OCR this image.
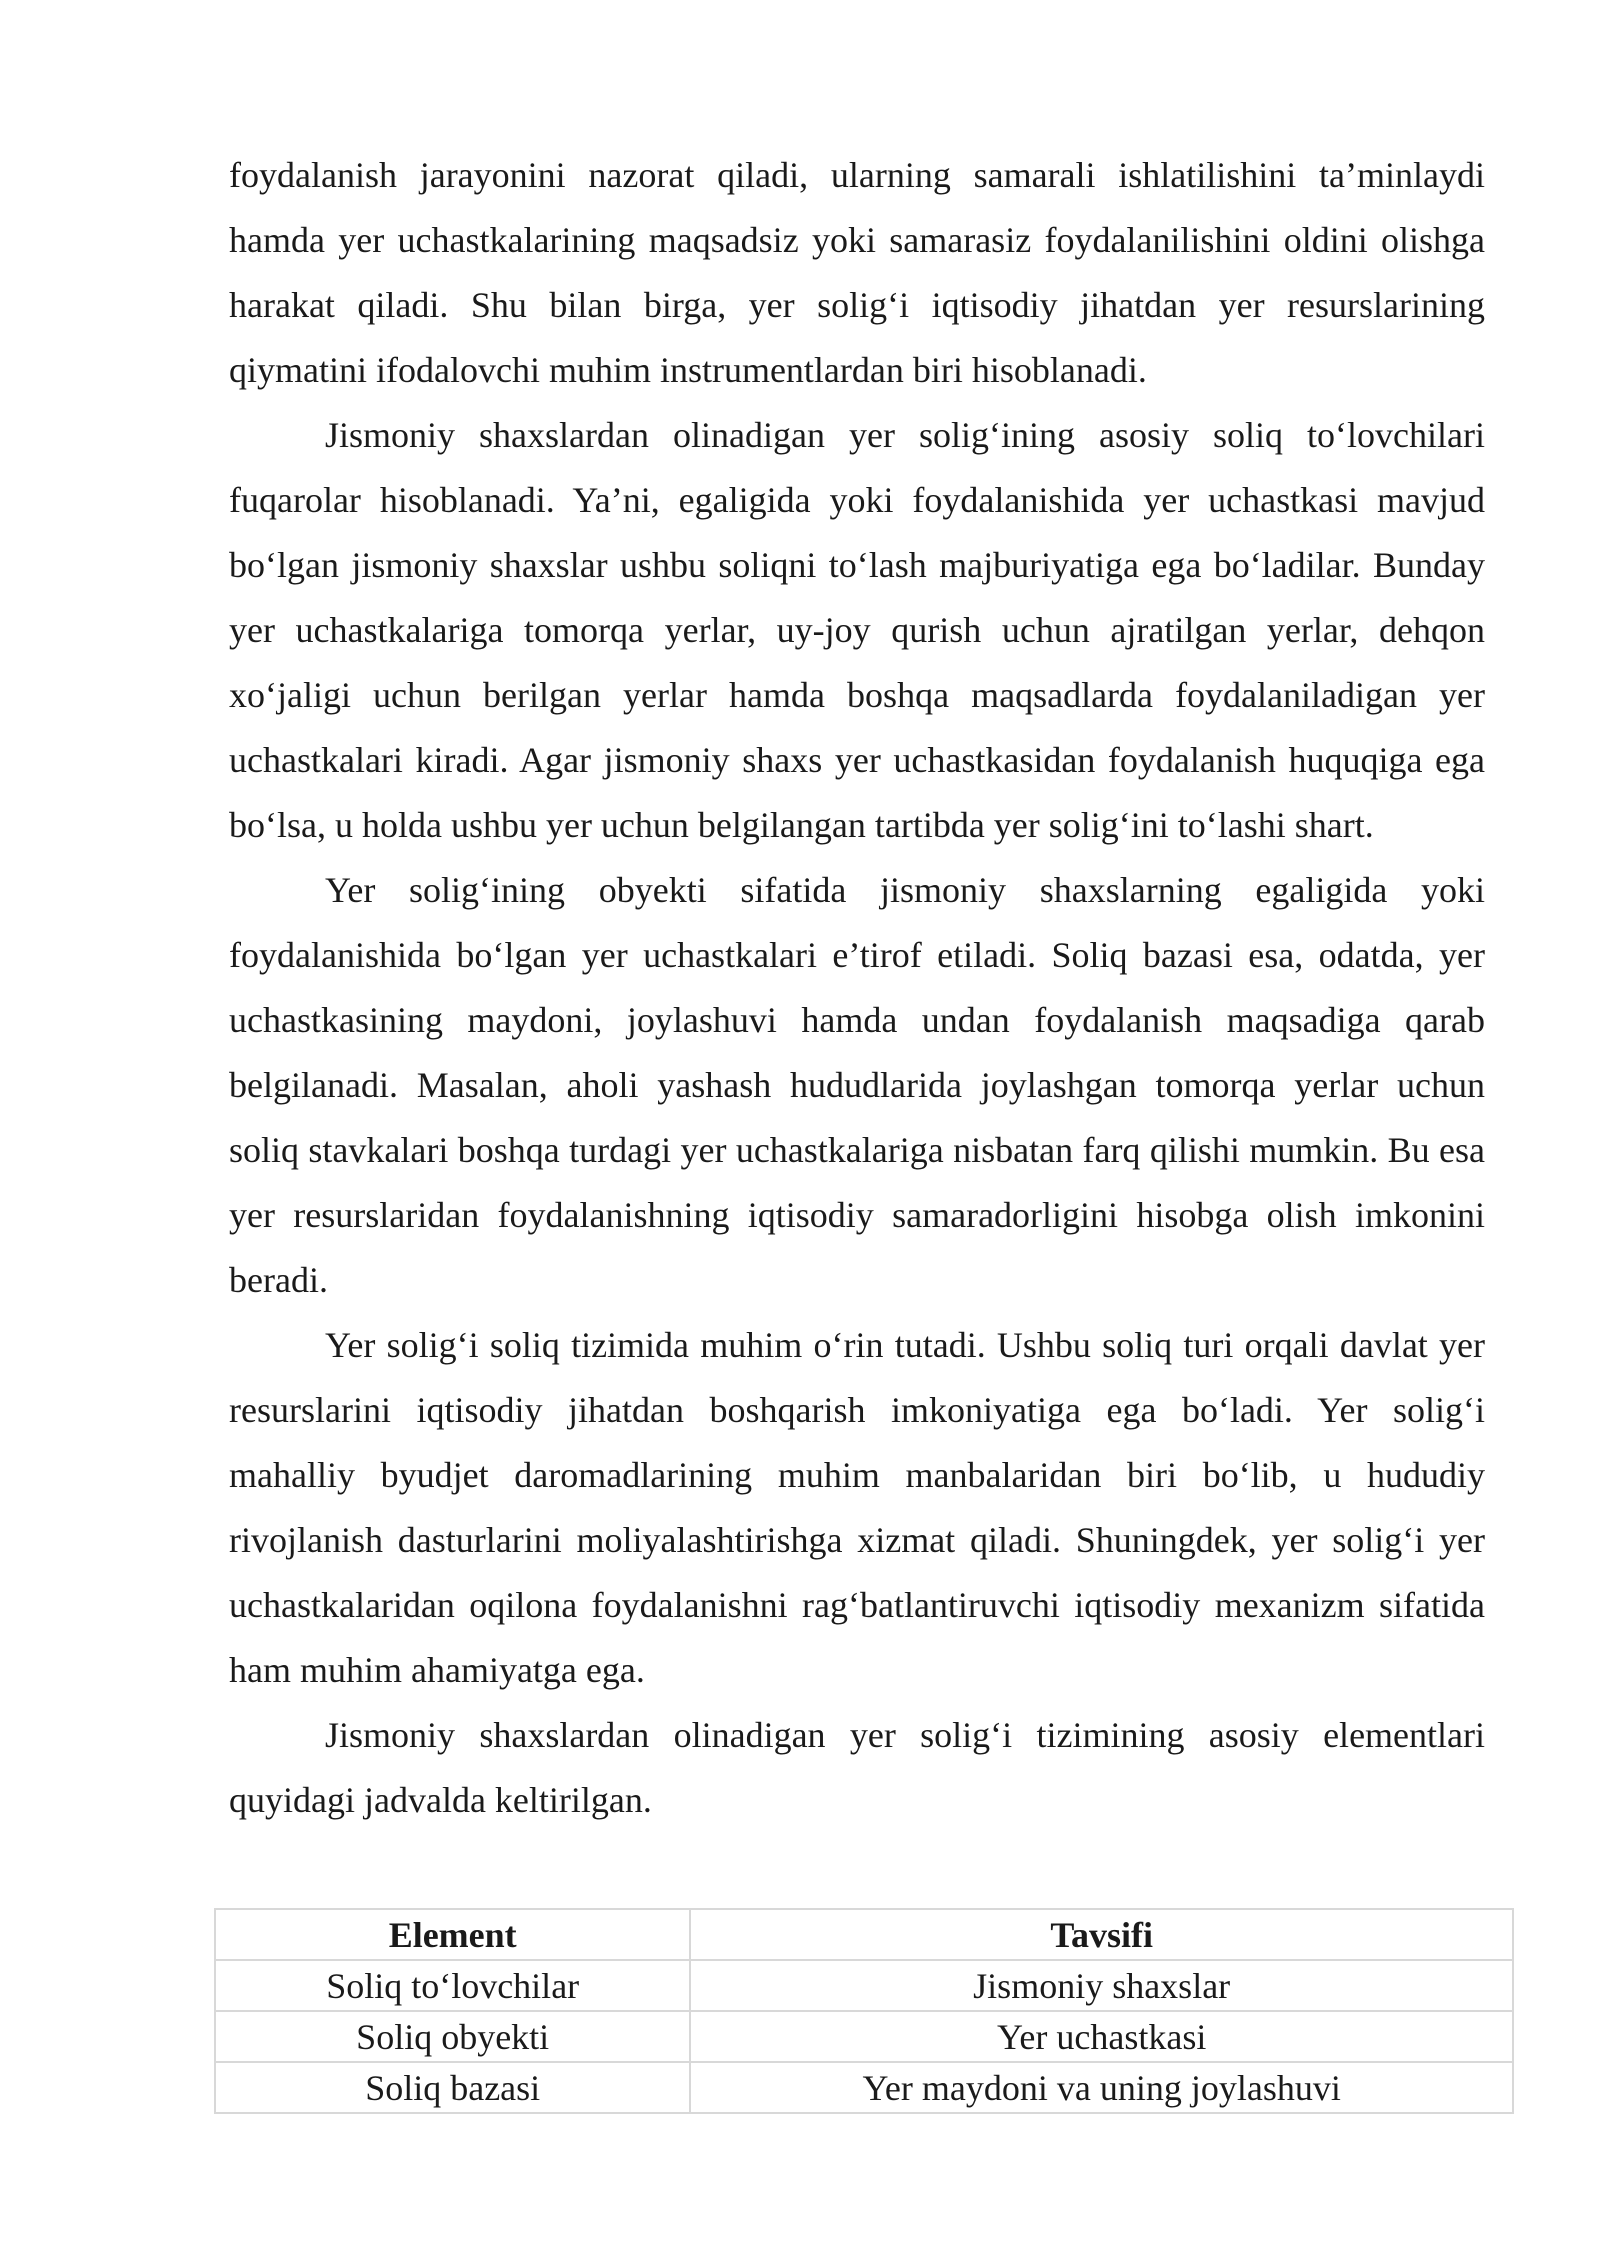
foydalanish jarayonini nazorat qiladi, ularning samarali ishlatilishini ta’minlaydi hamda yer uchastkalarining maqsadsiz yoki samarasiz foydalanilishini oldini olishga harakat qiladi. Shu bilan birga, yer solig‘i iqtisodiy jihatdan yer resurslarining qiymatini ifodalovchi muhim instrumentlardan biri hisoblanadi.

Jismoniy shaxslardan olinadigan yer solig‘ining asosiy soliq to‘lovchilari fuqarolar hisoblanadi. Ya’ni, egaligida yoki foydalanishida yer uchastkasi mavjud bo‘lgan jismoniy shaxslar ushbu soliqni to‘lash majburiyatiga ega bo‘ladilar. Bunday yer uchastkalariga tomorqa yerlar, uy-joy qurish uchun ajratilgan yerlar, dehqon xo‘jaligi uchun berilgan yerlar hamda boshqa maqsadlarda foydalaniladigan yer uchastkalari kiradi. Agar jismoniy shaxs yer uchastkasidan foydalanish huquqiga ega bo‘lsa, u holda ushbu yer uchun belgilangan tartibda yer solig‘ini to‘lashi shart.

Yer solig‘ining obyekti sifatida jismoniy shaxslarning egaligida yoki foydalanishida bo‘lgan yer uchastkalari e’tirof etiladi. Soliq bazasi esa, odatda, yer uchastkasining maydoni, joylashuvi hamda undan foydalanish maqsadiga qarab belgilanadi. Masalan, aholi yashash hududlarida joylashgan tomorqa yerlar uchun soliq stavkalari boshqa turdagi yer uchastkalariga nisbatan farq qilishi mumkin. Bu esa yer resurslaridan foydalanishning iqtisodiy samaradorligini hisobga olish imkonini beradi.

Yer solig‘i soliq tizimida muhim o‘rin tutadi. Ushbu soliq turi orqali davlat yer resurslarini iqtisodiy jihatdan boshqarish imkoniyatiga ega bo‘ladi. Yer solig‘i mahalliy byudjet daromadlarining muhim manbalaridan biri bo‘lib, u hududiy rivojlanish dasturlarini moliyalashtirishga xizmat qiladi. Shuningdek, yer solig‘i yer uchastkalaridan oqilona foydalanishni rag‘batlantiruvchi iqtisodiy mexanizm sifatida ham muhim ahamiyatga ega.

Jismoniy shaxslardan olinadigan yer solig‘i tizimining asosiy elementlari quyidagi jadvalda keltirilgan.

Element	Tavsifi
Soliq to‘lovchilar	Jismoniy shaxslar
Soliq obyekti	Yer uchastkasi
Soliq bazasi	Yer maydoni va uning joylashuvi
